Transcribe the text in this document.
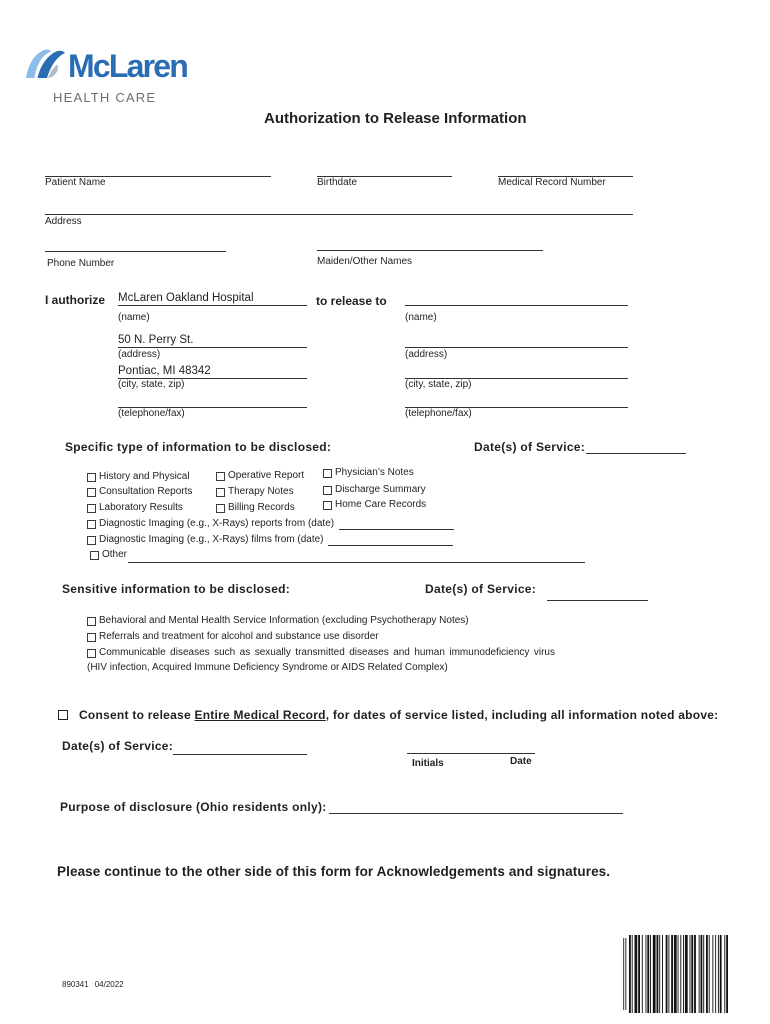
McLaren
HEALTH CARE
Authorization to Release Information
Patient Name	Birthdate	Medical Record Number
Address
Phone Number	Maiden/Other Names
I authorize McLaren Oakland Hospital	to release to
(name)	(name)
50 N. Perry St.
(address)	(address)
Pontiac, MI 48342
(city, state, zip)	(city, state, zip)
(telephone/fax)	(telephone/fax)
Specific type of information to be disclosed:	Date(s) of Service:
History and Physical
Consultation Reports
Laboratory Results
Operative Report
Therapy Notes
Billing Records
Physician’s Notes
Discharge Summary
Home Care Records
Diagnostic Imaging (e.g., X-Rays) reports from (date)
Diagnostic Imaging (e.g., X-Rays) films from (date)
Other
Sensitive information to be disclosed:	Date(s) of Service:
Behavioral and Mental Health Service Information (excluding Psychotherapy Notes)
Referrals and treatment for alcohol and substance use disorder
Communicable diseases such as sexually transmitted diseases and human immunodeficiency virus
(HIV infection, Acquired Immune Deficiency Syndrome or AIDS Related Complex)
Consent to release Entire Medical Record, for dates of service listed, including all information noted above:
Date(s) of Service:
Initials	Date
Purpose of disclosure (Ohio residents only):
Please continue to the other side of this form for Acknowledgements and signatures.
890341 04/2022
